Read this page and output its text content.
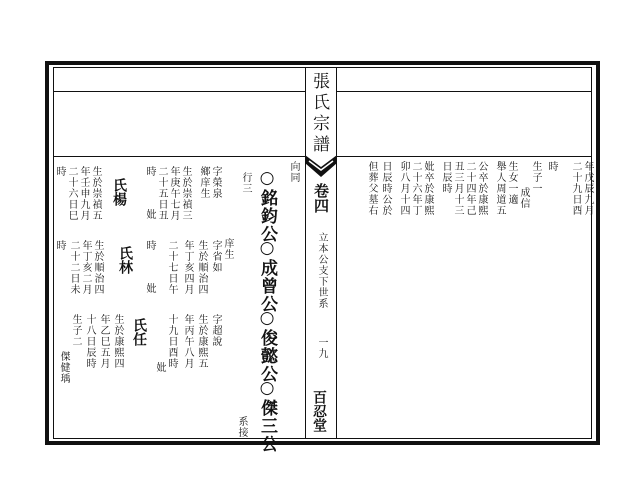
張氏宗譜
卷四
立本公支下世系
一九
百忍堂
年戊辰九月
二十九日酉
時
生子一
成信
生女一適
舉人周道五
公卒於康熙
二十四年己
丑三月十三
日辰時
妣卒於康熙
二十六年丁
卯八月十四
日辰時公於
但葬父墓右
向同
○銘鈞公
○成曾公
○俊懿公
○傑三公
系接
行三
字榮泉
鄉庠生
生於崇禎三
年庚午七月
二十五日丑
時
妣
氏楊
生於崇禎五
年壬申九月
二十六日巳
時	庠生
字省如
生於順治四
年丁亥四月
二十七日午
時
妣
氏林
生於順治四
年丁亥二月
二十二日未
時
字超說
生於康熙五
年丙午八月
十九日酉時
妣
氏任
生於康熙四
年乙巳五月
十八日辰時
生子二
傑健瑀
